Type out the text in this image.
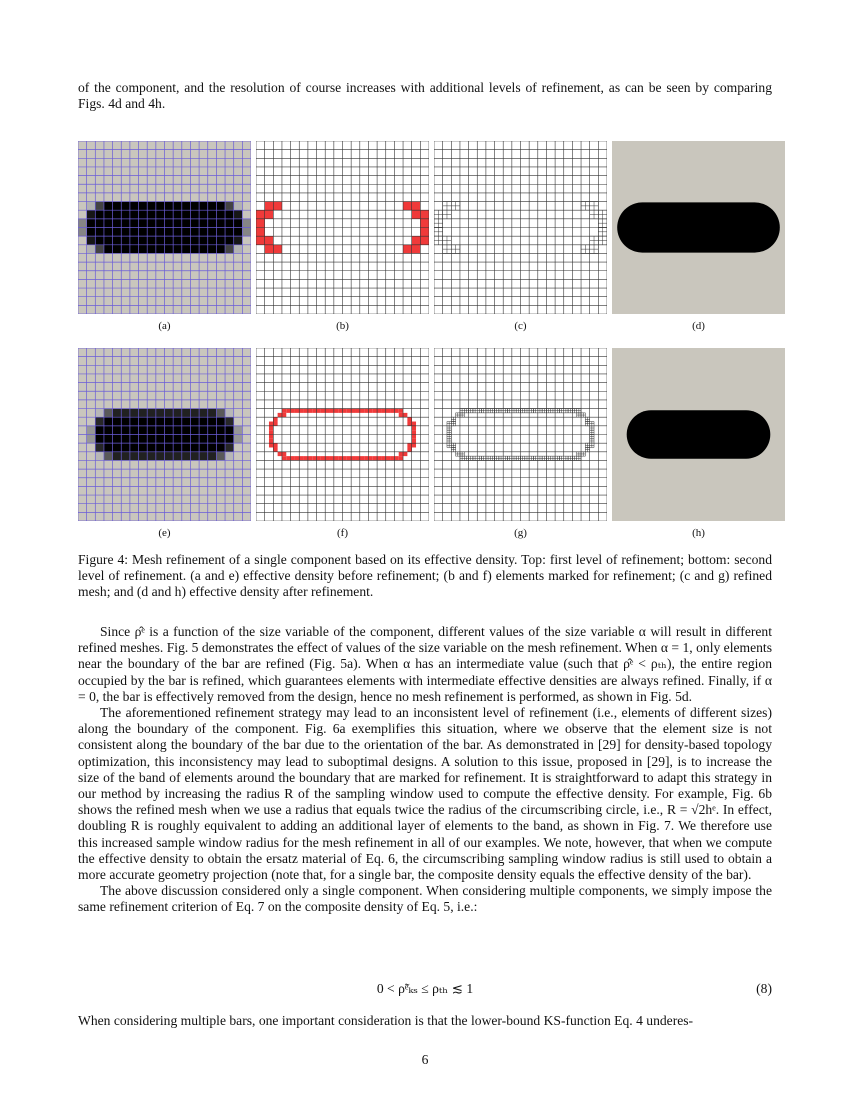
of the component, and the resolution of course increases with additional levels of refinement, as can be seen by comparing Figs. 4d and 4h.

(a)	(b)	(c)	(d)
(e)	(f)	(g)	(h)

Figure 4: Mesh refinement of a single component based on its effective density. Top: first level of refinement; bottom: second level of refinement. (a and e) effective density before refinement; (b and f) elements marked for refinement; (c and g) refined mesh; and (d and h) effective density after refinement.

Since ρ̂ᵉ is a function of the size variable of the component, different values of the size variable α will result in different refined meshes. Fig. 5 demonstrates the effect of values of the size variable on the mesh refinement. When α = 1, only elements near the boundary of the bar are refined (Fig. 5a). When α has an intermediate value (such that ρ̂ᵉ < ρₜₕ), the entire region occupied by the bar is refined, which guarantees elements with intermediate effective densities are always refined. Finally, if α = 0, the bar is effectively removed from the design, hence no mesh refinement is performed, as shown in Fig. 5d.

The aforementioned refinement strategy may lead to an inconsistent level of refinement (i.e., elements of different sizes) along the boundary of the component. Fig. 6a exemplifies this situation, where we observe that the element size is not consistent along the boundary of the bar due to the orientation of the bar. As demonstrated in [29] for density-based topology optimization, this inconsistency may lead to suboptimal designs. A solution to this issue, proposed in [29], is to increase the size of the band of elements around the boundary that are marked for refinement. It is straightforward to adapt this strategy in our method by increasing the radius R of the sampling window used to compute the effective density. For example, Fig. 6b shows the refined mesh when we use a radius that equals twice the radius of the circumscribing circle, i.e., R = √2hᵉ. In effect, doubling R is roughly equivalent to adding an additional layer of elements to the band, as shown in Fig. 7. We therefore use this increased sample window radius for the mesh refinement in all of our examples. We note, however, that when we compute the effective density to obtain the ersatz material of Eq. 6, the circumscribing sampling window radius is still used to obtain a more accurate geometry projection (note that, for a single bar, the composite density equals the effective density of the bar).

The above discussion considered only a single component. When considering multiple components, we simply impose the same refinement criterion of Eq. 7 on the composite density of Eq. 5, i.e.:

0 < ρ̃ᵉₖₛ ≤ ρₜₕ ≲ 1	(8)

When considering multiple bars, one important consideration is that the lower-bound KS-function Eq. 4 underes-

6
